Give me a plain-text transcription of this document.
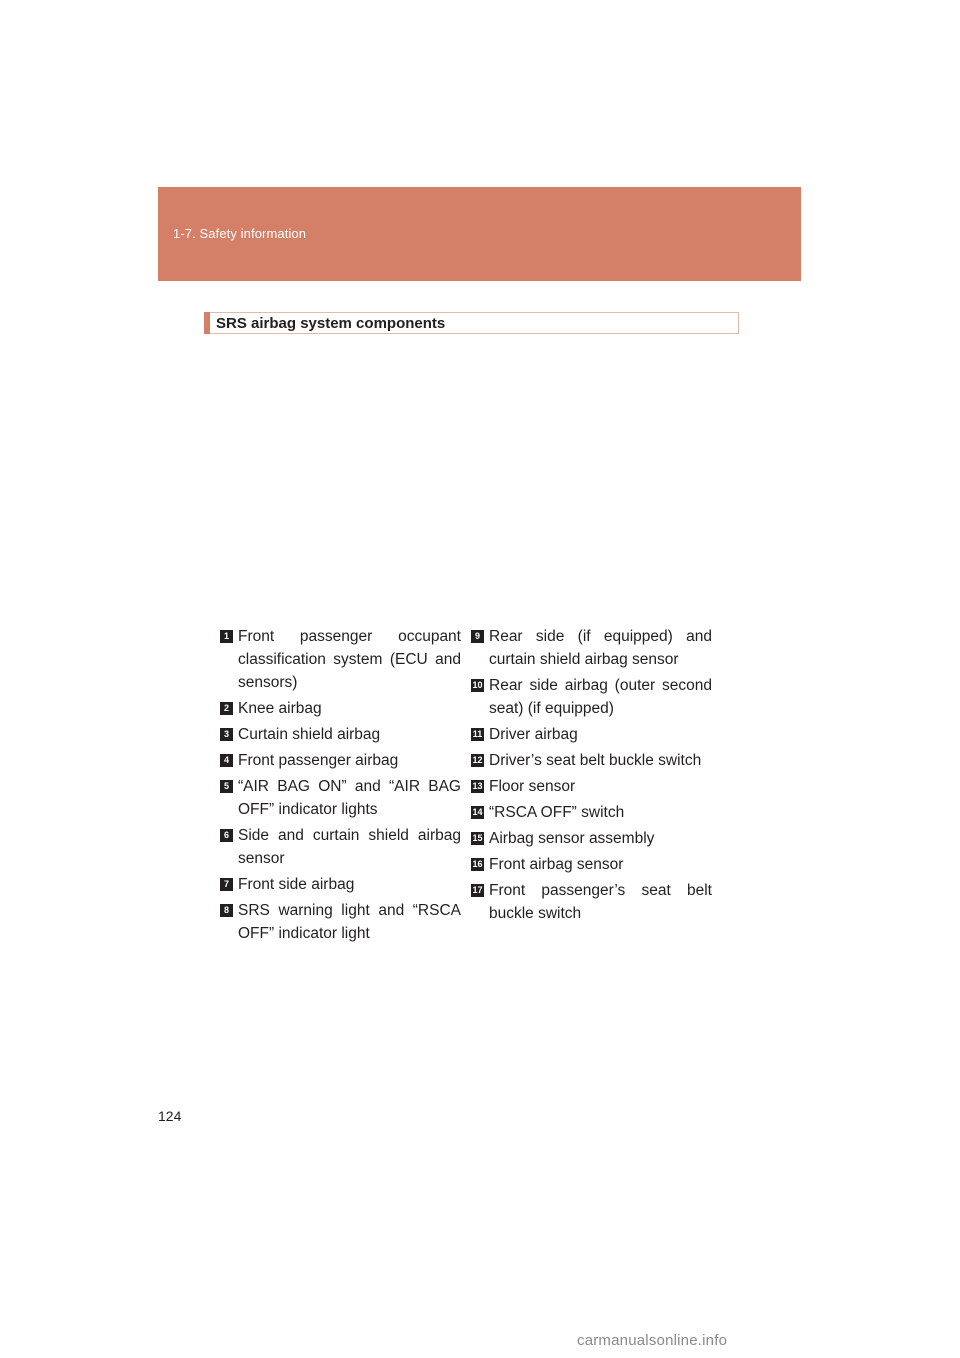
1-7. Safety information
SRS airbag system components
1 Front passenger occupant classification system (ECU and sensors)
2 Knee airbag
3 Curtain shield airbag
4 Front passenger airbag
5 “AIR BAG ON” and “AIR BAG OFF” indicator lights
6 Side and curtain shield airbag sensor
7 Front side airbag
8 SRS warning light and “RSCA OFF” indicator light
9 Rear side (if equipped) and curtain shield airbag sensor
10 Rear side airbag (outer second seat) (if equipped)
11 Driver airbag
12 Driver’s seat belt buckle switch
13 Floor sensor
14 “RSCA OFF” switch
15 Airbag sensor assembly
16 Front airbag sensor
17 Front passenger’s seat belt buckle switch
124
carmanualsonline.info
